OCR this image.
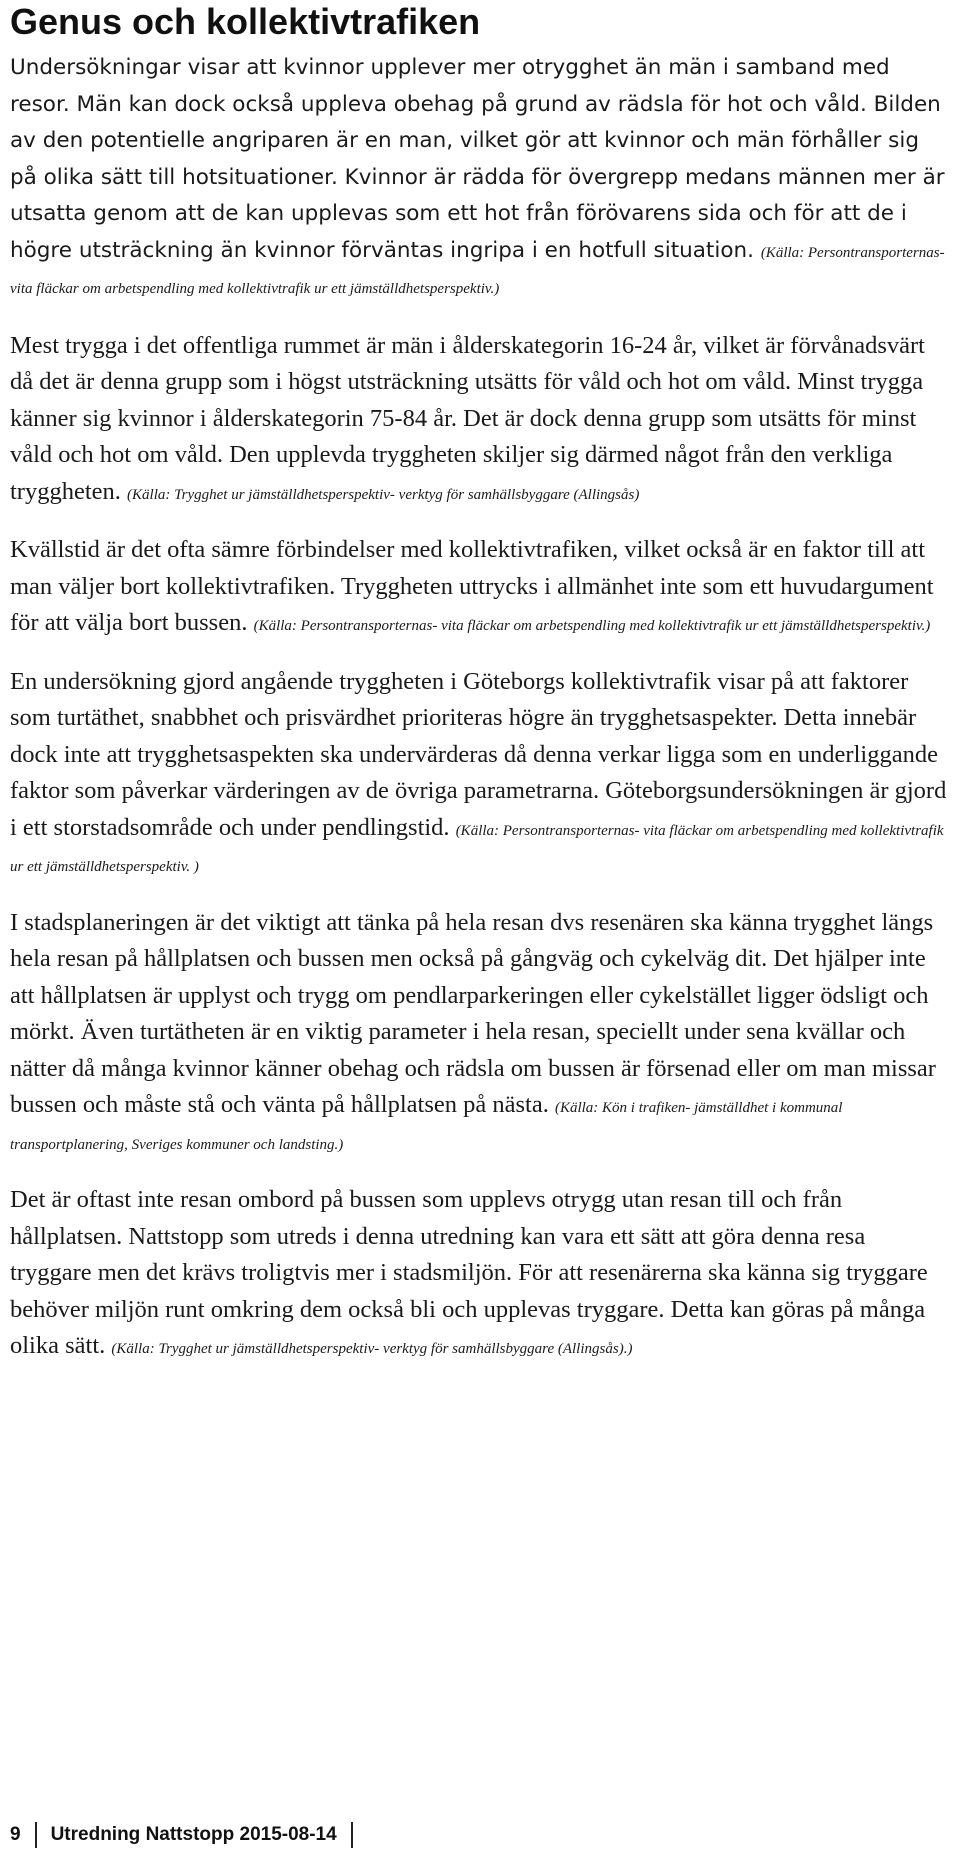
Genus och kollektivtrafiken

Undersökningar visar att kvinnor upplever mer otrygghet än män i samband med resor. Män kan dock också uppleva obehag på grund av rädsla för hot och våld. Bilden av den potentielle angriparen är en man, vilket gör att kvinnor och män förhåller sig på olika sätt till hotsituationer. Kvinnor är rädda för övergrepp medans männen mer är utsatta genom att de kan upplevas som ett hot från förövarens sida och för att de i högre utsträckning än kvinnor förväntas ingripa i en hotfull situation. (Källa: Persontransporternas- vita fläckar om arbetspendling med kollektivtrafik ur ett jämställdhetsperspektiv.)

Mest trygga i det offentliga rummet är män i ålderskategorin 16-24 år, vilket är förvånadsvärt då det är denna grupp som i högst utsträckning utsätts för våld och hot om våld. Minst trygga känner sig kvinnor i ålderskategorin 75-84 år. Det är dock denna grupp som utsätts för minst våld och hot om våld. Den upplevda tryggheten skiljer sig därmed något från den verkliga tryggheten. (Källa: Trygghet ur jämställdhetsperspektiv- verktyg för samhällsbyggare (Allingsås)

Kvällstid är det ofta sämre förbindelser med kollektivtrafiken, vilket också är en faktor till att man väljer bort kollektivtrafiken. Tryggheten uttrycks i allmänhet inte som ett huvudargument för att välja bort bussen. (Källa: Persontransporternas- vita fläckar om arbetspendling med kollektivtrafik ur ett jämställdhetsperspektiv.)

En undersökning gjord angående tryggheten i Göteborgs kollektivtrafik visar på att faktorer som turtäthet, snabbhet och prisvärdhet prioriteras högre än trygghetsaspekter. Detta innebär dock inte att trygghetsaspekten ska undervärderas då denna verkar ligga som en underliggande faktor som påverkar värderingen av de övriga parametrarna. Göteborgsundersökningen är gjord i ett storstadsområde och under pendlingstid. (Källa: Persontransporternas- vita fläckar om arbetspendling med kollektivtrafik ur ett jämställdhetsperspektiv. )

I stadsplaneringen är det viktigt att tänka på hela resan dvs resenären ska känna trygghet längs hela resan på hållplatsen och bussen men också på gångväg och cykelväg dit. Det hjälper inte att hållplatsen är upplyst och trygg om pendlarparkeringen eller cykelstället ligger ödsligt och mörkt. Även turtätheten är en viktig parameter i hela resan, speciellt under sena kvällar och nätter då många kvinnor känner obehag och rädsla om bussen är försenad eller om man missar bussen och måste stå och vänta på hållplatsen på nästa. (Källa: Kön i trafiken- jämställdhet i kommunal transportplanering, Sveriges kommuner och landsting.)

Det är oftast inte resan ombord på bussen som upplevs otrygg utan resan till och från hållplatsen. Nattstopp som utreds i denna utredning kan vara ett sätt att göra denna resa tryggare men det krävs troligtvis mer i stadsmiljön. För att resenärerna ska känna sig tryggare behöver miljön runt omkring dem också bli och upplevas tryggare. Detta kan göras på många olika sätt. (Källa: Trygghet ur jämställdhetsperspektiv- verktyg för samhällsbyggare (Allingsås).)

9 Utredning Nattstopp 2015-08-14
